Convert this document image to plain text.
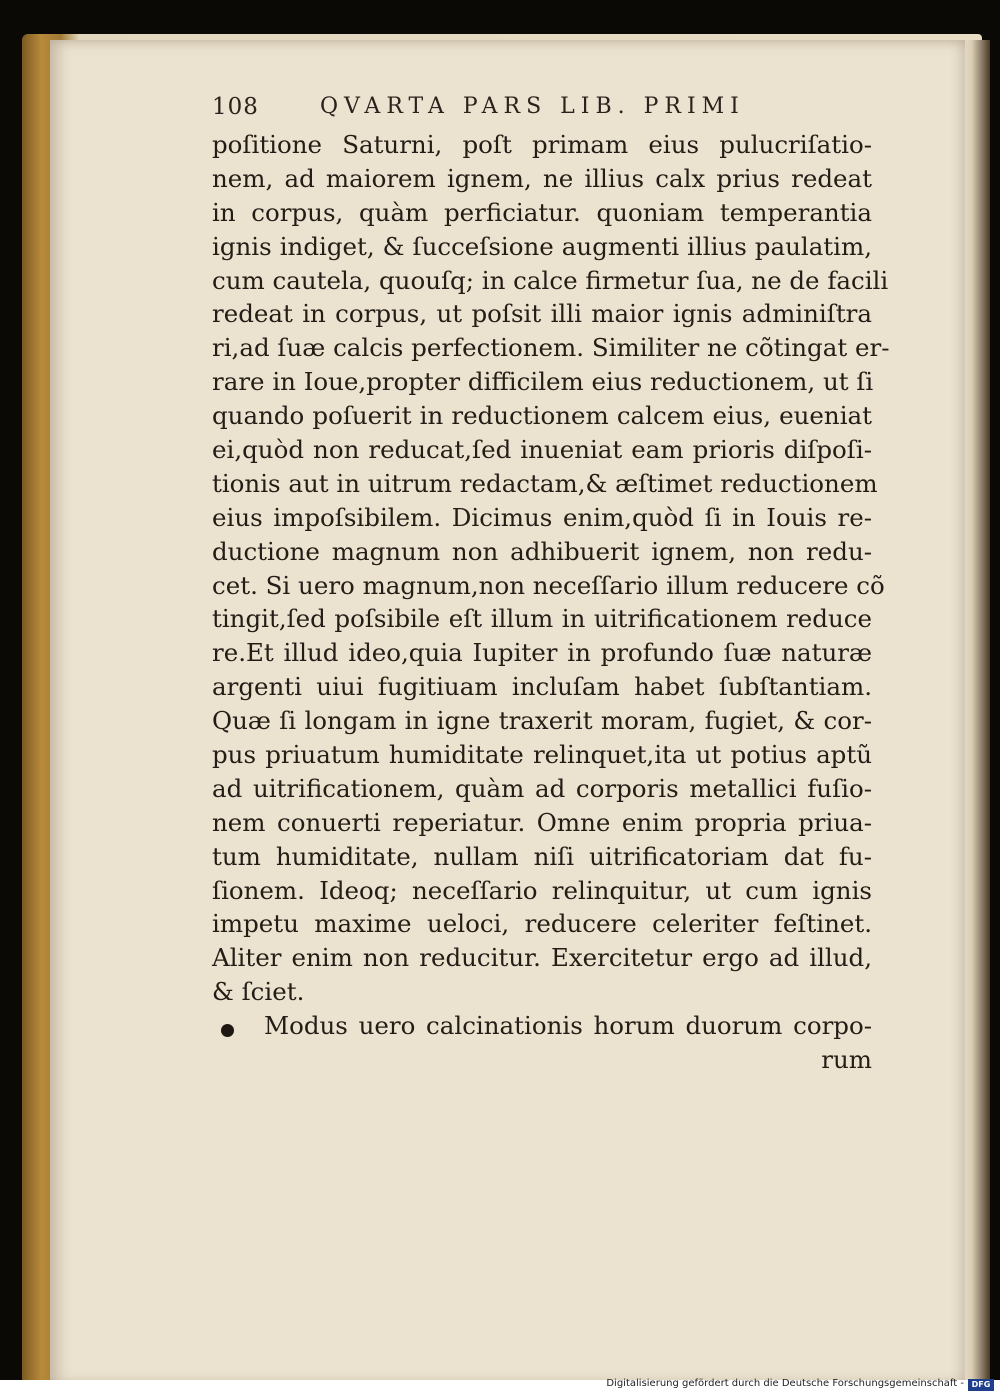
108	QVARTA PARS LIB. PRIMI
poſitione Saturni, poſt primam eius pulucriſatio-
nem, ad maiorem ignem, ne illius calx prius redeat
in corpus, quàm perficiatur. quoniam temperantia
ignis indiget, & ſucceſsione augmenti illius paulatim,
cum cautela, quouſq; in calce firmetur ſua, ne de facili
redeat in corpus, ut poſsit illi maior ignis adminiſtra
ri,ad ſuæ calcis perfectionem. Similiter ne cõtingat er-
rare in Ioue,propter difficilem eius reductionem, ut ſi
quando poſuerit in reductionem calcem eius, eueniat
ei,quòd non reducat,ſed inueniat eam prioris diſpoſi-
tionis aut in uitrum redactam,& æſtimet reductionem
eius impoſsibilem. Dicimus enim,quòd ſi in Iouis re-
ductione magnum non adhibuerit ignem, non redu-
cet. Si uero magnum,non neceſſario illum reducere cõ
tingit,ſed poſsibile eſt illum in uitrificationem reduce
re.Et illud ideo,quia Iupiter in profundo ſuæ naturæ
argenti uiui fugitiuam incluſam habet ſubſtantiam.
Quæ ſi longam in igne traxerit moram, fugiet, & cor-
pus priuatum humiditate relinquet,ita ut potius aptũ
ad uitrificationem, quàm ad corporis metallici fuſio-
nem conuerti reperiatur. Omne enim propria priua-
tum humiditate, nullam niſi uitrificatoriam dat fu-
ſionem. Ideoq; neceſſario relinquitur, ut cum ignis
impetu maxime ueloci, reducere celeriter feſtinet.
Aliter enim non reducitur. Exercitetur ergo ad illud,
& ſciet.
Modus uero calcinationis horum duorum corpo-
rum
Digitalisierung gefördert durch die Deutsche Forschungsgemeinschaft - DFG
